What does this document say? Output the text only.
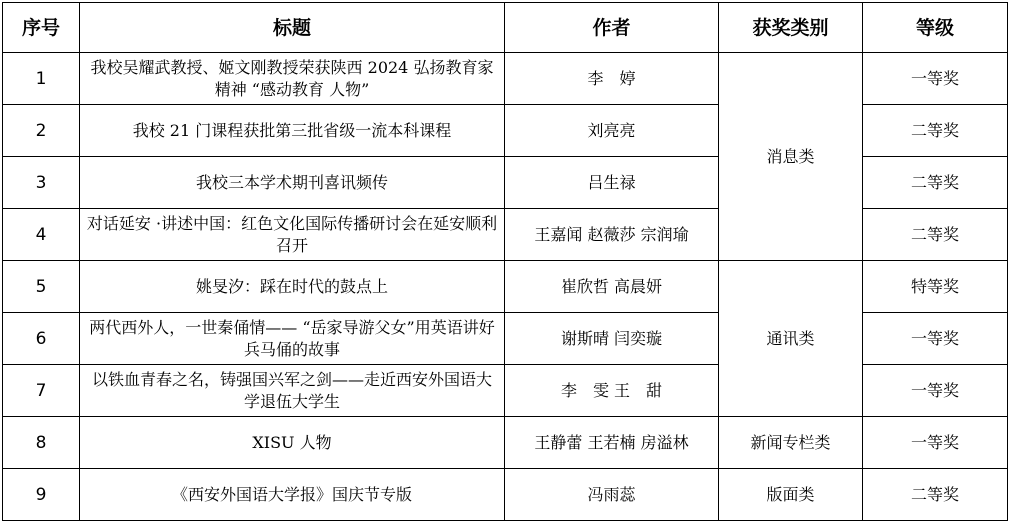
序号	标题	作者	获奖类别	等级
1	我校吴耀武教授、姬文刚教授荣获陕西 2024 弘扬教育家精神 “感动教育 人物”	李　婷	消息类	一等奖
2	我校 21 门课程获批第三批省级一流本科课程	刘亮亮		二等奖
3	我校三本学术期刊喜讯频传	吕生禄		二等奖
4	对话延安 ·讲述中国：红色文化国际传播研讨会在延安顺利召开	王嘉闻 赵薇莎 宗润瑜		二等奖
5	姚旻汐：踩在时代的鼓点上	崔欣哲 高晨妍	通讯类	特等奖
6	两代西外人，一世秦俑情—— “岳家导游父女”用英语讲好兵马俑的故事	谢斯晴 闫奕璇		一等奖
7	以铁血青春之名，铸强国兴军之剑——走近西安外国语大学退伍大学生	李　雯 王　甜		一等奖
8	XISU 人物	王静蕾 王若楠 房溢林	新闻专栏类	一等奖
9	《西安外国语大学报》国庆节专版	冯雨蕊	版面类	二等奖
